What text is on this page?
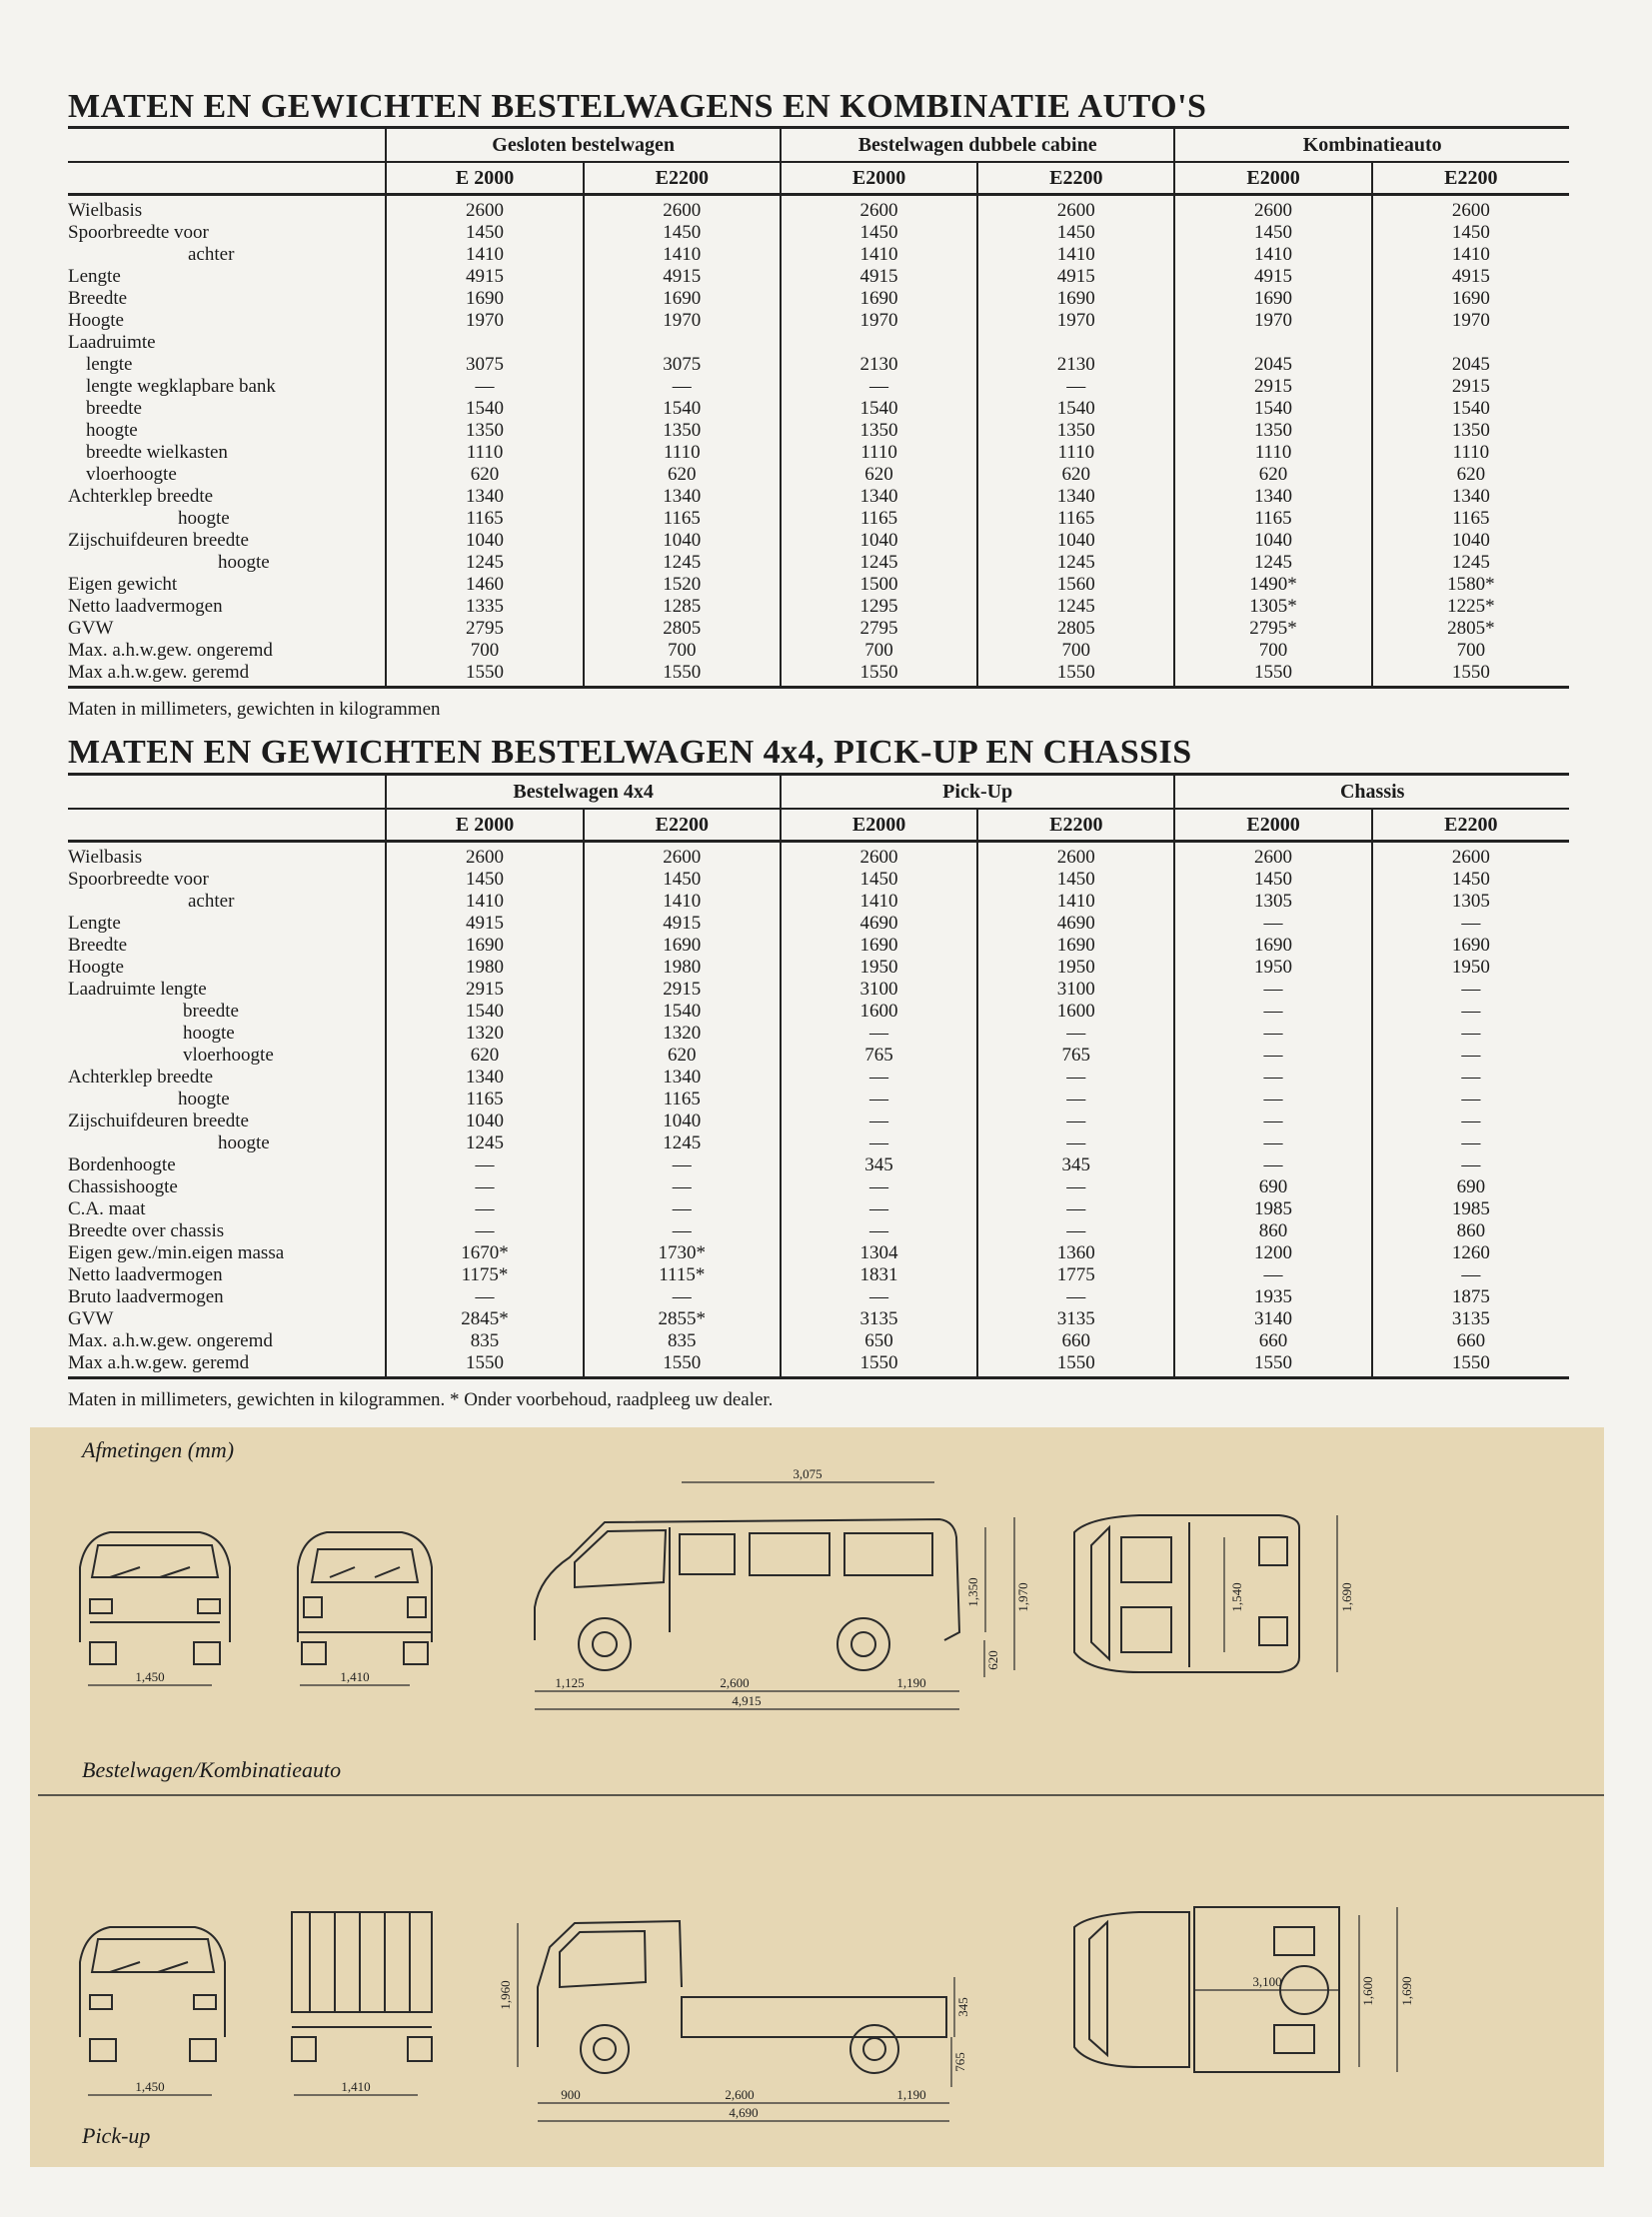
MATEN EN GEWICHTEN BESTELWAGENS EN KOMBINATIE AUTO'S
	Gesloten bestelwagen		Bestelwagen dubbele cabine		Kombinatieauto	
	E 2000	E2200	E2000	E2200	E2000	E2200
Wielbasis	2600	2600	2600	2600	2600	2600
Spoorbreedte voor	1450	1450	1450	1450	1450	1450
achter	1410	1410	1410	1410	1410	1410
Lengte	4915	4915	4915	4915	4915	4915
Breedte	1690	1690	1690	1690	1690	1690
Hoogte	1970	1970	1970	1970	1970	1970
Laadruimte						
lengte	3075	3075	2130	2130	2045	2045
lengte wegklapbare bank	—	—	—	—	2915	2915
breedte	1540	1540	1540	1540	1540	1540
hoogte	1350	1350	1350	1350	1350	1350
breedte wielkasten	1110	1110	1110	1110	1110	1110
vloerhoogte	620	620	620	620	620	620
Achterklep breedte	1340	1340	1340	1340	1340	1340
hoogte	1165	1165	1165	1165	1165	1165
Zijschuifdeuren breedte	1040	1040	1040	1040	1040	1040
hoogte	1245	1245	1245	1245	1245	1245
Eigen gewicht	1460	1520	1500	1560	1490*	1580*
Netto laadvermogen	1335	1285	1295	1245	1305*	1225*
GVW	2795	2805	2795	2805	2795*	2805*
Max. a.h.w.gew. ongeremd	700	700	700	700	700	700
Max a.h.w.gew. geremd	1550	1550	1550	1550	1550	1550
Maten in millimeters, gewichten in kilogrammen
MATEN EN GEWICHTEN BESTELWAGEN 4x4, PICK-UP EN CHASSIS
	Bestelwagen 4x4		Pick-Up		Chassis	
	E 2000	E2200	E2000	E2200	E2000	E2200
Wielbasis	2600	2600	2600	2600	2600	2600
Spoorbreedte voor	1450	1450	1450	1450	1450	1450
achter	1410	1410	1410	1410	1305	1305
Lengte	4915	4915	4690	4690	—	—
Breedte	1690	1690	1690	1690	1690	1690
Hoogte	1980	1980	1950	1950	1950	1950
Laadruimte lengte	2915	2915	3100	3100	—	—
breedte	1540	1540	1600	1600	—	—
hoogte	1320	1320	—	—	—	—
vloerhoogte	620	620	765	765	—	—
Achterklep breedte	1340	1340	—	—	—	—
hoogte	1165	1165	—	—	—	—
Zijschuifdeuren breedte	1040	1040	—	—	—	—
hoogte	1245	1245	—	—	—	—
Bordenhoogte	—	—	345	345	—	—
Chassishoogte	—	—	—	—	690	690
C.A. maat	—	—	—	—	1985	1985
Breedte over chassis	—	—	—	—	860	860
Eigen gew./min.eigen massa	1670*	1730*	1304	1360	1200	1260
Netto laadvermogen	1175*	1115*	1831	1775	—	—
Bruto laadvermogen	—	—	—	—	1935	1875
GVW	2845*	2855*	3135	3135	3140	3135
Max. a.h.w.gew. ongeremd	835	835	650	660	660	660
Max a.h.w.gew. geremd	1550	1550	1550	1550	1550	1550
Maten in millimeters, gewichten in kilogrammen. * Onder voorbehoud, raadpleeg uw dealer.
Afmetingen (mm)
Bestelwagen/Kombinatieauto
Pick-up
1,450	1,410
3,075
1,350	1,970
620
1,125	2,600	1,190
4,915
1,540	1,690
1,450	1,410
1,960	345
765
900	2,600	1,190
4,690
3,100	1,600 1,690
